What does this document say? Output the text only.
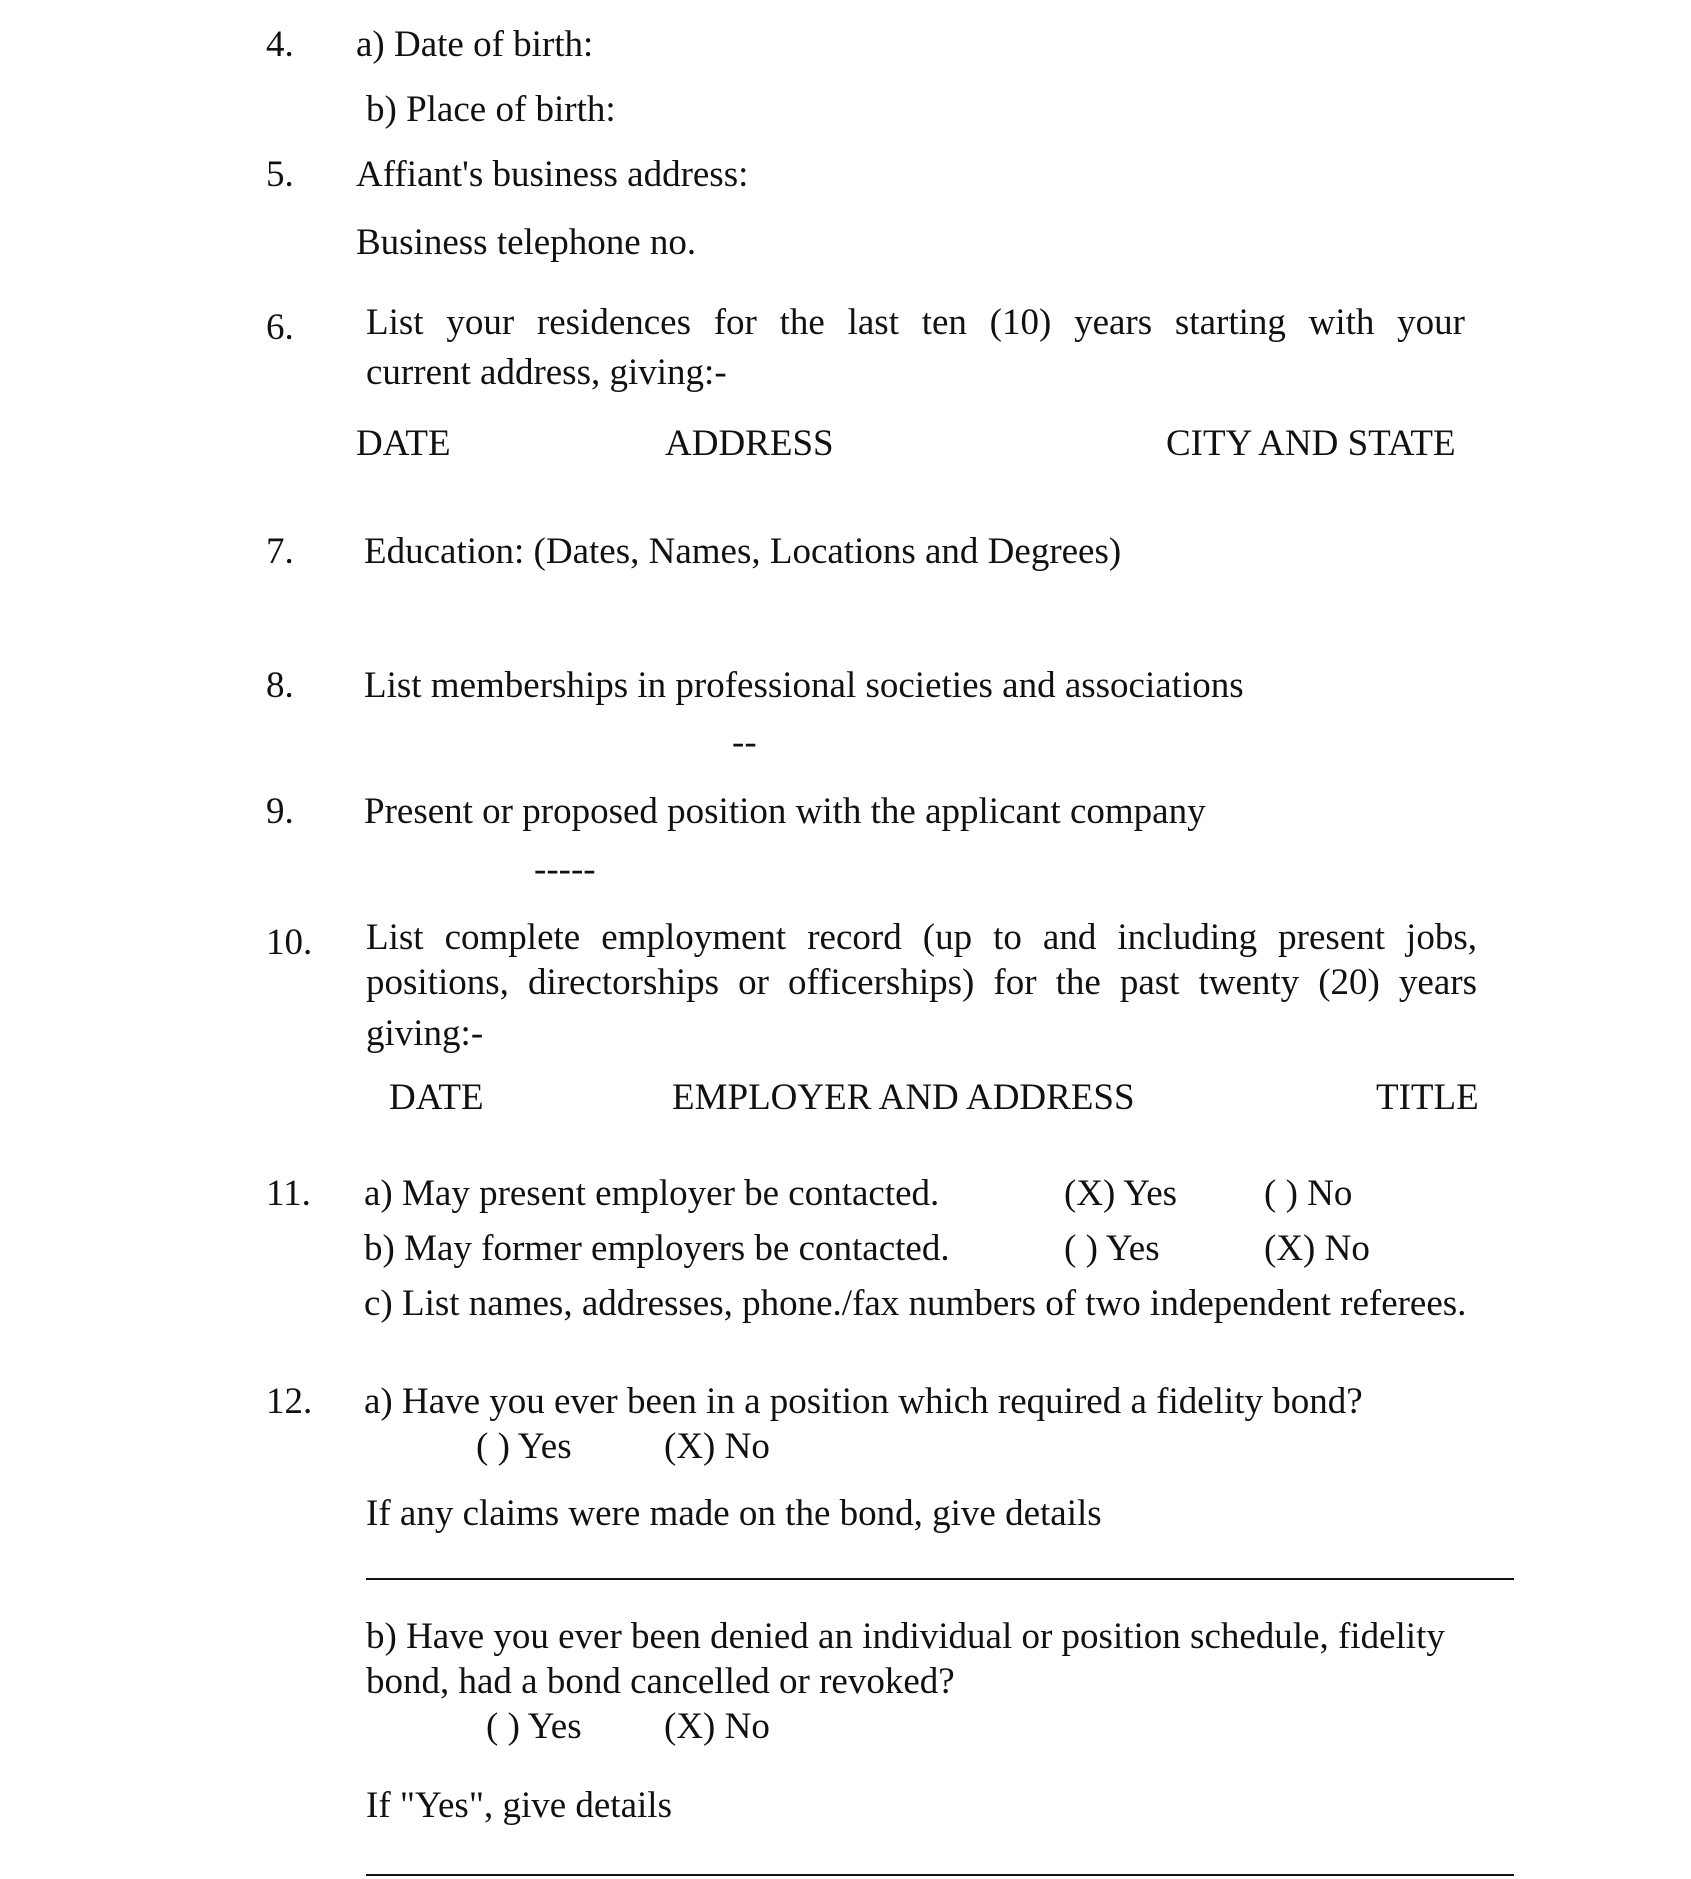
4. a) Date of birth:
b) Place of birth:
5. Affiant's business address:
Business telephone no.
6. List your residences for the last ten (10) years starting with your
current address, giving:-
DATE	ADDRESS	CITY AND STATE
7. Education: (Dates, Names, Locations and Degrees)
8. List memberships in professional societies and associations
--
9. Present or proposed position with the applicant company
-----
10. List complete employment record (up to and including present jobs,
positions, directorships or officerships) for the past twenty (20) years
giving:-
DATE	EMPLOYER AND ADDRESS	TITLE
11. a) May present employer be contacted.	(X) Yes ( ) No
b) May former employers be contacted.	( ) Yes	(X) No
c) List names, addresses, phone./fax numbers of two independent referees.
12. a) Have you ever been in a position which required a fidelity bond?
( ) Yes (X) No
If any claims were made on the bond, give details
b) Have you ever been denied an individual or position schedule, fidelity
bond, had a bond cancelled or revoked?
( ) Yes (X) No
If "Yes", give details
